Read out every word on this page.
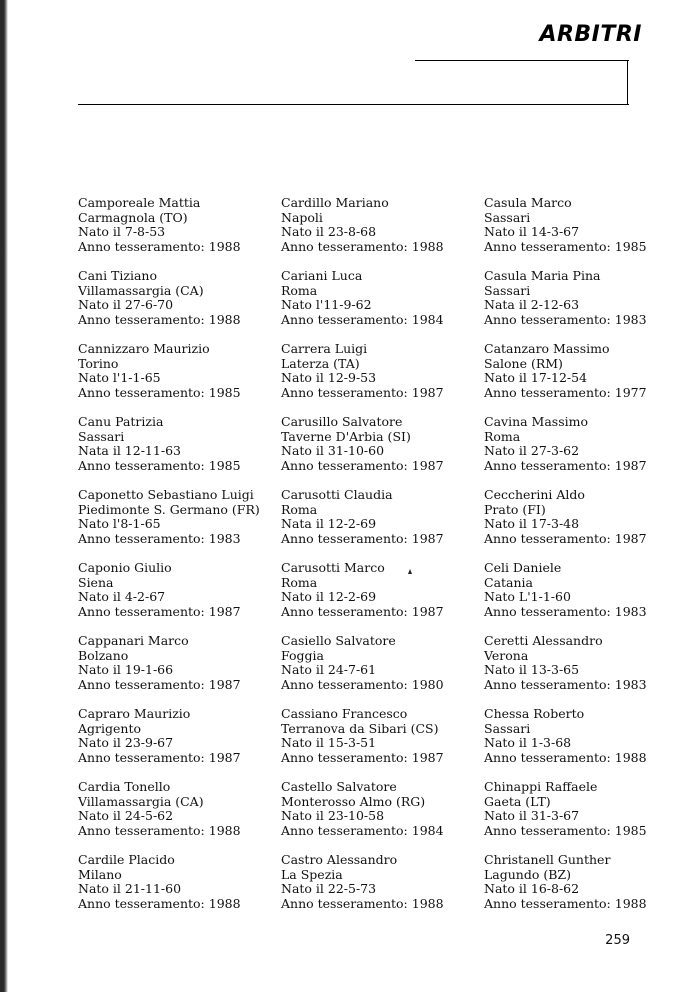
ARBITRI
Camporeale Mattia
Carmagnola (TO)
Nato il 7-8-53
Anno tesseramento: 1988
Cani Tiziano
Villamassargia (CA)
Nato il 27-6-70
Anno tesseramento: 1988
Cannizzaro Maurizio
Torino
Nato l'1-1-65
Anno tesseramento: 1985
Canu Patrizia
Sassari
Nata il 12-11-63
Anno tesseramento: 1985
Caponetto Sebastiano Luigi
Piedimonte S. Germano (FR)
Nato l'8-1-65
Anno tesseramento: 1983
Caponio Giulio
Siena
Nato il 4-2-67
Anno tesseramento: 1987
Cappanari Marco
Bolzano
Nato il 19-1-66
Anno tesseramento: 1987
Capraro Maurizio
Agrigento
Nato il 23-9-67
Anno tesseramento: 1987
Cardia Tonello
Villamassargia (CA)
Nato il 24-5-62
Anno tesseramento: 1988
Cardile Placido
Milano
Nato il 21-11-60
Anno tesseramento: 1988
Cardillo Mariano
Napoli
Nato il 23-8-68
Anno tesseramento: 1988
Cariani Luca
Roma
Nato l'11-9-62
Anno tesseramento: 1984
Carrera Luigi
Laterza (TA)
Nato il 12-9-53
Anno tesseramento: 1987
Carusillo Salvatore
Taverne D'Arbia (SI)
Nato il 31-10-60
Anno tesseramento: 1987
Carusotti Claudia
Roma
Nata il 12-2-69
Anno tesseramento: 1987
Carusotti Marco
Roma
Nato il 12-2-69
Anno tesseramento: 1987
Casiello Salvatore
Foggia
Nato il 24-7-61
Anno tesseramento: 1980
Cassiano Francesco
Terranova da Sibari (CS)
Nato il 15-3-51
Anno tesseramento: 1987
Castello Salvatore
Monterosso Almo (RG)
Nato il 23-10-58
Anno tesseramento: 1984
Castro Alessandro
La Spezia
Nato il 22-5-73
Anno tesseramento: 1988
Casula Marco
Sassari
Nato il 14-3-67
Anno tesseramento: 1985
Casula Maria Pina
Sassari
Nata il 2-12-63
Anno tesseramento: 1983
Catanzaro Massimo
Salone (RM)
Nato il 17-12-54
Anno tesseramento: 1977
Cavina Massimo
Roma
Nato il 27-3-62
Anno tesseramento: 1987
Ceccherini Aldo
Prato (FI)
Nato il 17-3-48
Anno tesseramento: 1987
Celi Daniele
Catania
Nato L'1-1-60
Anno tesseramento: 1983
Ceretti Alessandro
Verona
Nato il 13-3-65
Anno tesseramento: 1983
Chessa Roberto
Sassari
Nato il 1-3-68
Anno tesseramento: 1988
Chinappi Raffaele
Gaeta (LT)
Nato il 31-3-67
Anno tesseramento: 1985
Christanell Gunther
Lagundo (BZ)
Nato il 16-8-62
Anno tesseramento: 1988
259
